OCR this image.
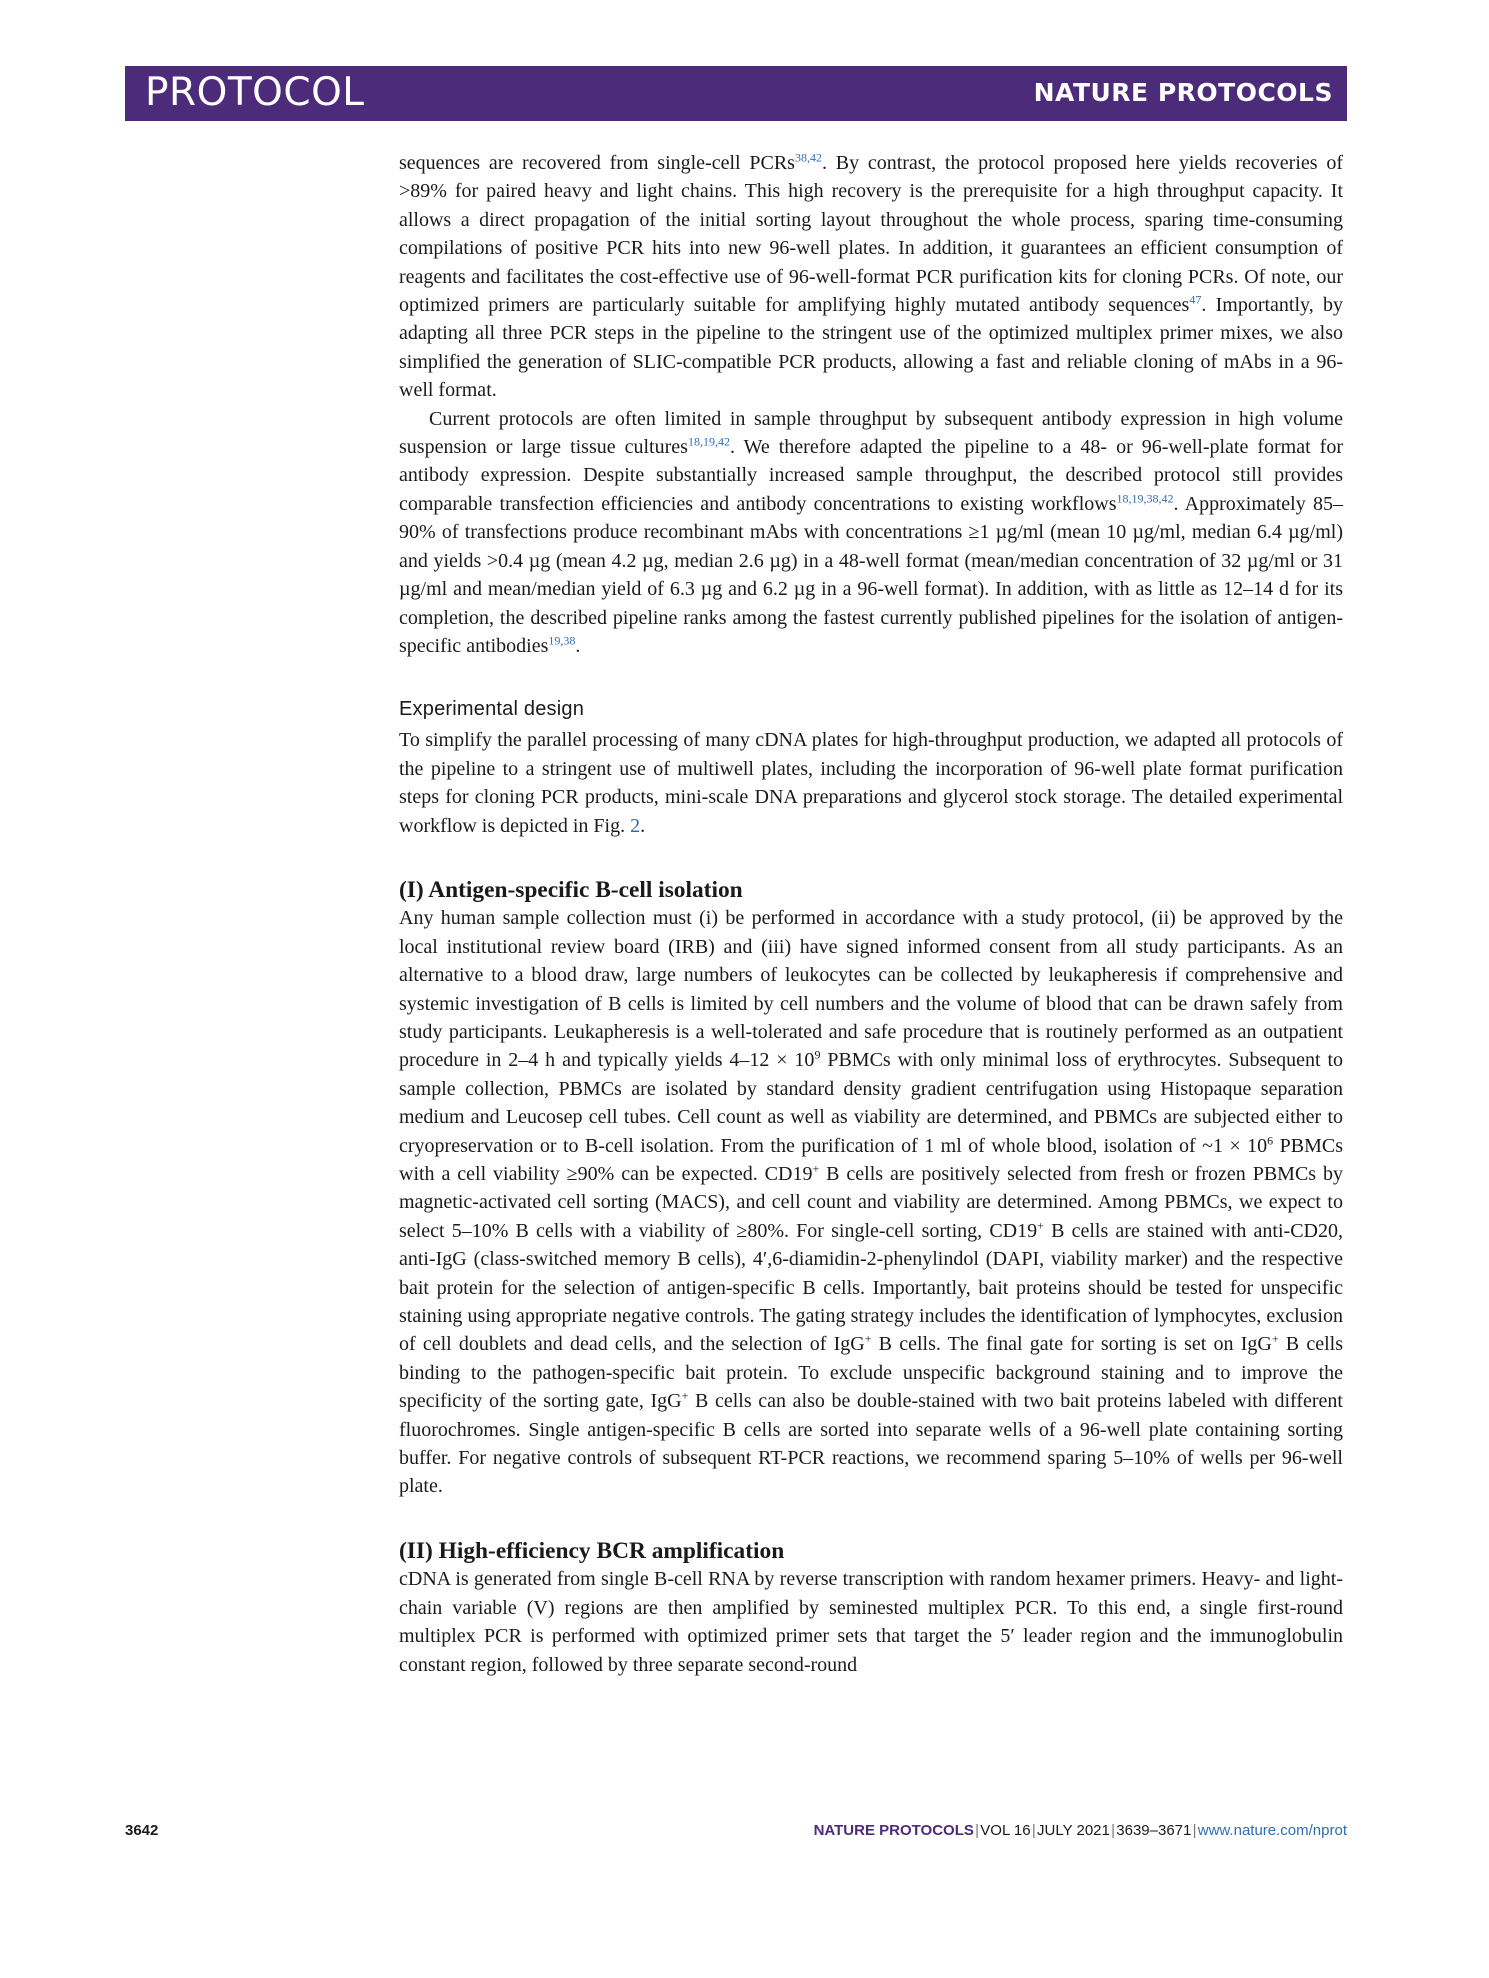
PROTOCOL	NATURE PROTOCOLS

sequences are recovered from single-cell PCRs$^{38,42}$. By contrast, the protocol proposed here yields recoveries of >89% for paired heavy and light chains. This high recovery is the prerequisite for a high throughput capacity. It allows a direct propagation of the initial sorting layout throughout the whole process, sparing time-consuming compilations of positive PCR hits into new 96-well plates. In addition, it guarantees an efficient consumption of reagents and facilitates the cost-effective use of 96-well-format PCR purification kits for cloning PCRs. Of note, our optimized primers are particularly suitable for amplifying highly mutated antibody sequences$^{47}$. Importantly, by adapting all three PCR steps in the pipeline to the stringent use of the optimized multiplex primer mixes, we also simplified the generation of SLIC-compatible PCR products, allowing a fast and reliable cloning of mAbs in a 96-well format.

Current protocols are often limited in sample throughput by subsequent antibody expression in high volume suspension or large tissue cultures$^{18,19,42}$. We therefore adapted the pipeline to a 48- or 96-well-plate format for antibody expression. Despite substantially increased sample throughput, the described protocol still provides comparable transfection efficiencies and antibody concentrations to existing workflows$^{18,19,38,42}$. Approximately 85–90% of transfections produce recombinant mAbs with concentrations ≥1 µg/ml (mean 10 µg/ml, median 6.4 µg/ml) and yields >0.4 µg (mean 4.2 µg, median 2.6 µg) in a 48-well format (mean/median concentration of 32 µg/ml or 31 µg/ml and mean/median yield of 6.3 µg and 6.2 µg in a 96-well format). In addition, with as little as 12–14 d for its completion, the described pipeline ranks among the fastest currently published pipelines for the isolation of antigen-specific antibodies$^{19,38}$.

Experimental design

To simplify the parallel processing of many cDNA plates for high-throughput production, we adapted all protocols of the pipeline to a stringent use of multiwell plates, including the incorporation of 96-well plate format purification steps for cloning PCR products, mini-scale DNA preparations and glycerol stock storage. The detailed experimental workflow is depicted in Fig. 2.

(I) Antigen-specific B-cell isolation

Any human sample collection must (i) be performed in accordance with a study protocol, (ii) be approved by the local institutional review board (IRB) and (iii) have signed informed consent from all study participants. As an alternative to a blood draw, large numbers of leukocytes can be collected by leukapheresis if comprehensive and systemic investigation of B cells is limited by cell numbers and the volume of blood that can be drawn safely from study participants. Leukapheresis is a well-tolerated and safe procedure that is routinely performed as an outpatient procedure in 2–4 h and typically yields $4-12 \times 10^9$ PBMCs with only minimal loss of erythrocytes. Subsequent to sample collection, PBMCs are isolated by standard density gradient centrifugation using Histopaque separation medium and Leucosep cell tubes. Cell count as well as viability are determined, and PBMCs are subjected either to cryopreservation or to B-cell isolation. From the purification of 1 ml of whole blood, isolation of ~1 × $10^6$ PBMCs with a cell viability ≥90% can be expected. CD19+ B cells are positively selected from fresh or frozen PBMCs by magnetic-activated cell sorting (MACS), and cell count and viability are determined. Among PBMCs, we expect to select 5–10% B cells with a viability of ≥80%. For single-cell sorting, CD19+ B cells are stained with anti-CD20, anti-IgG (class-switched memory B cells), 4′,6-diamidin-2-phenylindol (DAPI, viability marker) and the respective bait protein for the selection of antigen-specific B cells. Importantly, bait proteins should be tested for unspecific staining using appropriate negative controls. The gating strategy includes the identification of lymphocytes, exclusion of cell doublets and dead cells, and the selection of IgG+ B cells. The final gate for sorting is set on IgG+ B cells binding to the pathogen-specific bait protein. To exclude unspecific background staining and to improve the specificity of the sorting gate, IgG+ B cells can also be double-stained with two bait proteins labeled with different fluorochromes. Single antigen-specific B cells are sorted into separate wells of a 96-well plate containing sorting buffer. For negative controls of subsequent RT-PCR reactions, we recommend sparing 5–10% of wells per 96-well plate.

(II) High-efficiency BCR amplification

cDNA is generated from single B-cell RNA by reverse transcription with random hexamer primers. Heavy- and light-chain variable (V) regions are then amplified by seminested multiplex PCR. To this end, a single first-round multiplex PCR is performed with optimized primer sets that target the 5′ leader region and the immunoglobulin constant region, followed by three separate second-round

3642	NATURE PROTOCOLS | VOL 16 | JULY 2021 | 3639–3671 | www.nature.com/nprot
